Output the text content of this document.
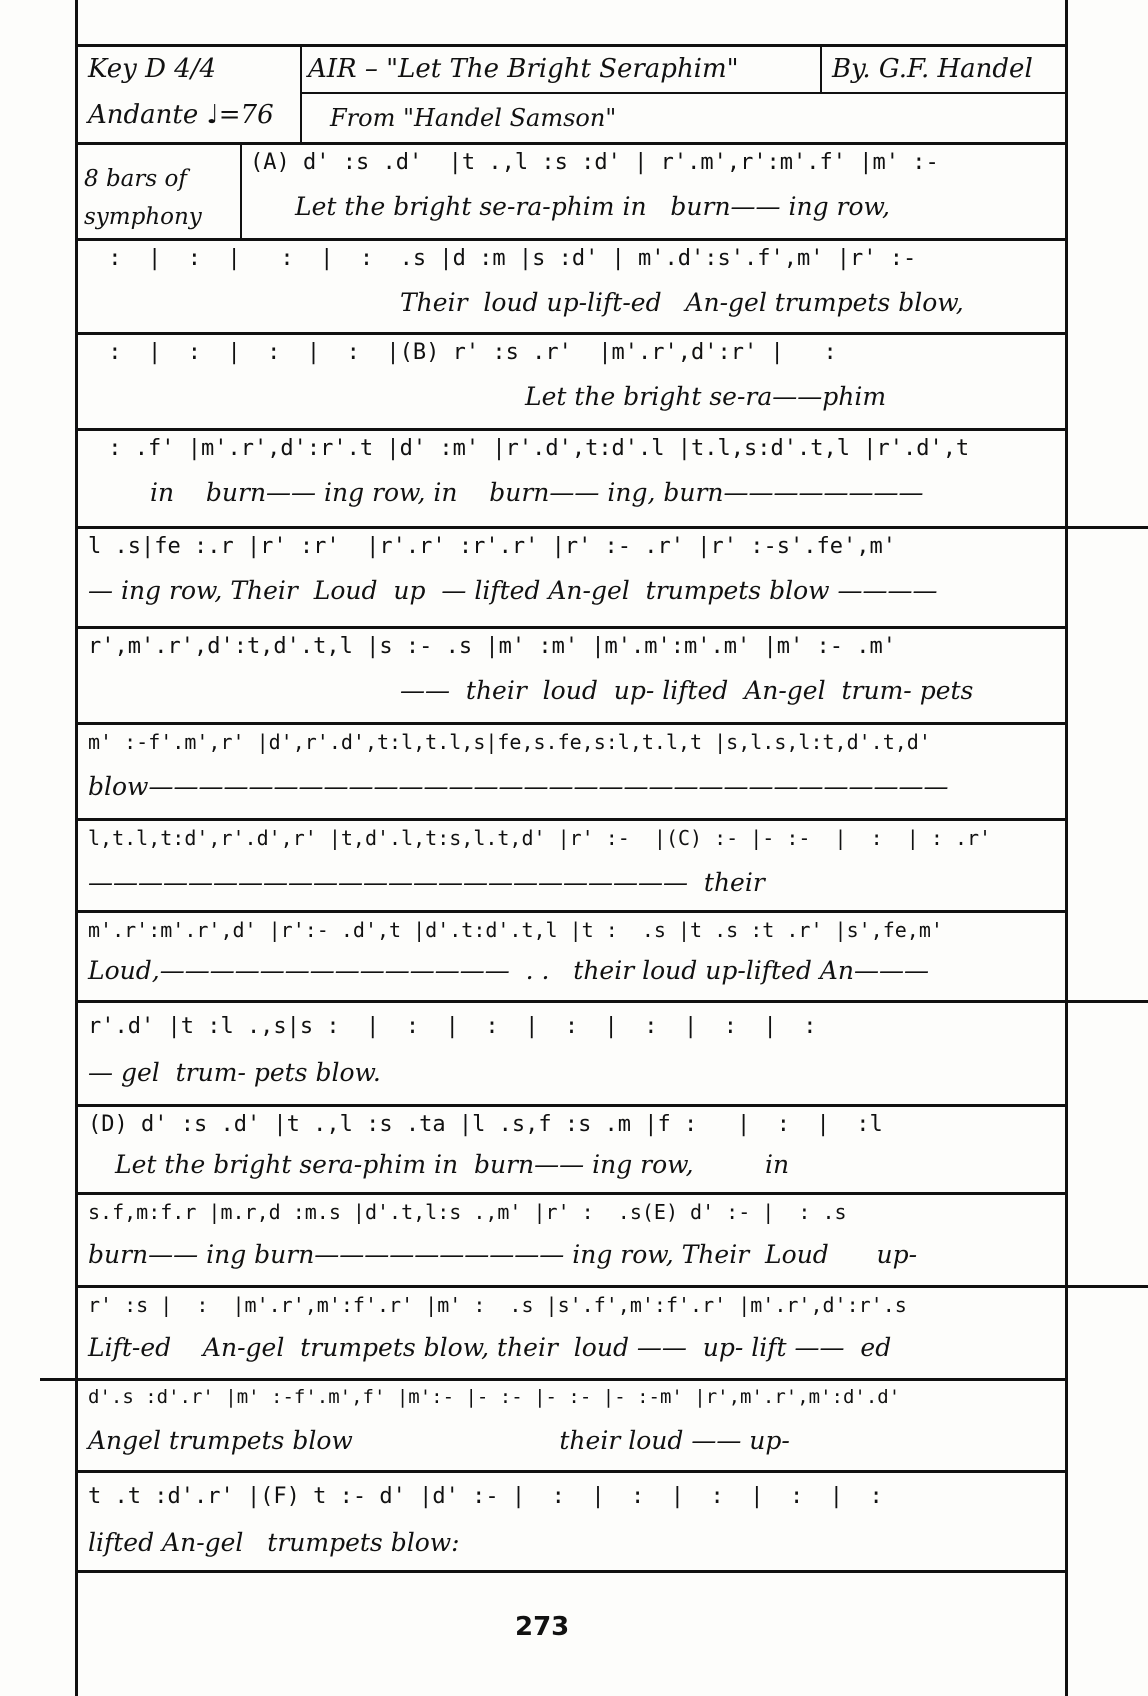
Key D 4/4
Andante ♩=76
AIR – "Let The Bright Seraphim"	By. G.F. Handel
From "Handel Samson"
8 bars of symphony
(A) d' :s .d'  |t .,l :s :d' | r'.m',r':m'.f' |m' :-
Let the bright se-ra-phim in   burn—— ing row,
:  |  :  |   :  |  :  .s |d :m |s :d' | m'.d':s'.f',m' |r' :-
Their  loud up-lift-ed   An-gel trumpets blow,
:  |  :  |  :  |  :  |(B) r' :s .r'  |m'.r',d':r' |   :
Let the bright se-ra——phim
: .f' |m'.r',d':r'.t |d' :m' |r'.d',t:d'.l |t.l,s:d'.t,l |r'.d',t
in    burn—— ing row, in    burn—— ing, burn————————
l .s|fe :.r |r' :r'  |r'.r' :r'.r' |r' :- .r' |r' :-s'.fe',m'
— ing row, Their  Loud  up  — lifted An-gel  trumpets blow ————
r',m'.r',d':t,d'.t,l |s :- .s |m' :m' |m'.m':m'.m' |m' :- .m'
——  their  loud  up- lifted  An-gel  trum- pets
m' :-f'.m',r' |d',r'.d',t:l,t.l,s|fe,s.fe,s:l,t.l,t |s,l.s,l:t,d'.t,d'
blow————————————————————————————————
l,t.l,t:d',r'.d',r' |t,d'.l,t:s,l.t,d' |r' :-  |(C) :- |- :-  |  :  | : .r'
————————————————————————  their
m'.r':m'.r',d' |r':- .d',t |d'.t:d'.t,l |t :  .s |t .s :t .r' |s',fe,m'
Loud,——————————————  . .   their loud up-lifted An———
r'.d' |t :l .,s|s :  |  :  |  :  |  :  |  :  |  :  |  :
— gel  trum- pets blow.
(D) d' :s .d' |t .,l :s .ta |l .s,f :s .m |f :   |  :  |  :l
Let the bright sera-phim in  burn—— ing row,         in
s.f,m:f.r |m.r,d :m.s |d'.t,l:s .,m' |r' :  .s(E) d' :- |  : .s
burn—— ing burn—————————— ing row, Their  Loud      up-
r' :s |  :  |m'.r',m':f'.r' |m' :  .s |s'.f',m':f'.r' |m'.r',d':r'.s
Lift-ed    An-gel  trumpets blow, their  loud ——  up- lift ——  ed
d'.s :d'.r' |m' :-f'.m',f' |m':- |- :- |- :- |- :-m' |r',m'.r',m':d'.d'
Angel trumpets blow                          their loud —— up-
t .t :d'.r' |(F) t :- d' |d' :- |  :  |  :  |  :  |  :  |  :
lifted An-gel   trumpets blow:
273
